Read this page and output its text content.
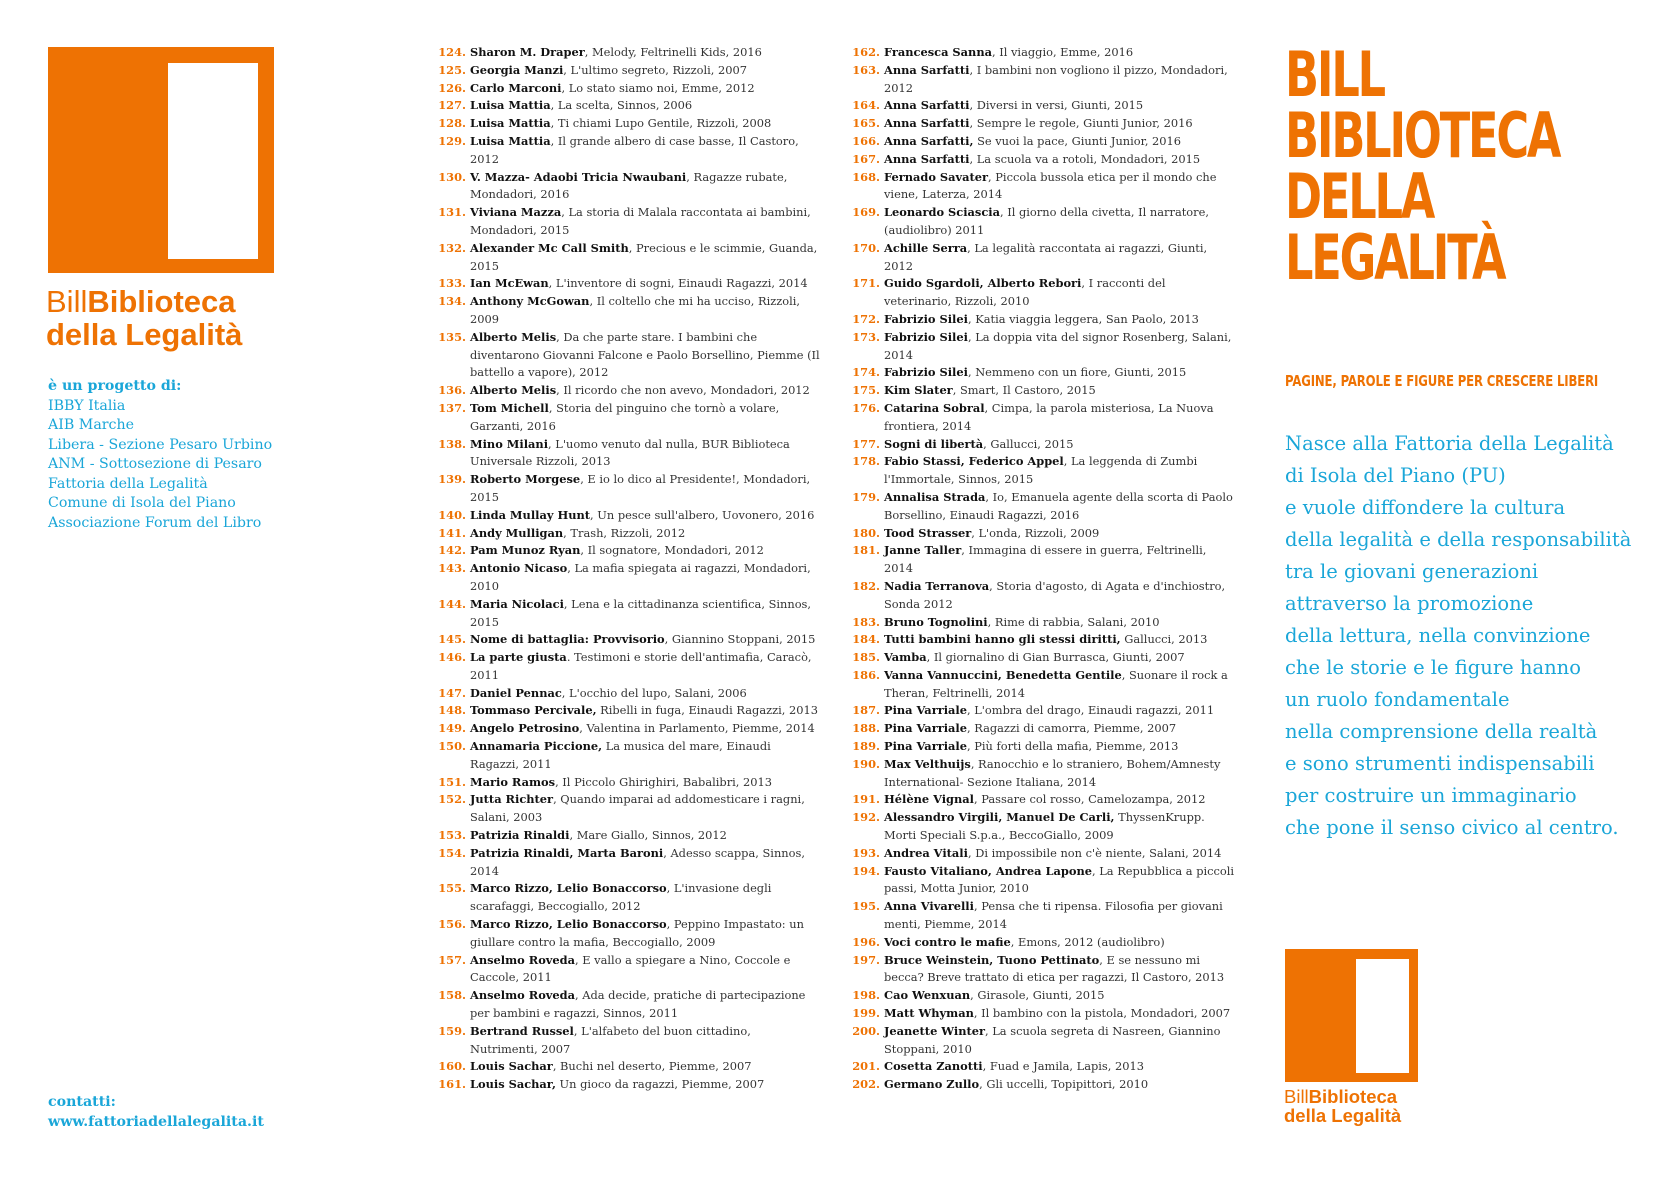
BillBiblioteca
della Legalità
è un progetto di:
IBBY Italia
AIB Marche
Libera - Sezione Pesaro Urbino
ANM - Sottosezione di Pesaro
Fattoria della Legalità
Comune di Isola del Piano
Associazione Forum del Libro
contatti:
www.fattoriadellalegalita.it
124. Sharon M. Draper, Melody, Feltrinelli Kids, 2016
125. Georgia Manzi, L'ultimo segreto, Rizzoli, 2007
126. Carlo Marconi, Lo stato siamo noi, Emme, 2012
127. Luisa Mattia, La scelta, Sinnos, 2006
128. Luisa Mattia, Ti chiami Lupo Gentile, Rizzoli, 2008
129. Luisa Mattia, Il grande albero di case basse, Il Castoro, 2012
130. V. Mazza- Adaobi Tricia Nwaubani, Ragazze rubate, Mondadori, 2016
131. Viviana Mazza, La storia di Malala raccontata ai bambini, Mondadori, 2015
132. Alexander Mc Call Smith, Precious e le scimmie, Guanda, 2015
133. Ian McEwan, L'inventore di sogni, Einaudi Ragazzi, 2014
134. Anthony McGowan, Il coltello che mi ha ucciso, Rizzoli, 2009
135. Alberto Melis, Da che parte stare. I bambini che diventarono Giovanni Falcone e Paolo Borsellino, Piemme (Il battello a vapore), 2012
136. Alberto Melis, Il ricordo che non avevo, Mondadori, 2012
137. Tom Michell, Storia del pinguino che tornò a volare, Garzanti, 2016
138. Mino Milani, L'uomo venuto dal nulla, BUR Biblioteca Universale Rizzoli, 2013
139. Roberto Morgese, E io lo dico al Presidente!, Mondadori, 2015
140. Linda Mullay Hunt, Un pesce sull'albero, Uovonero, 2016
141. Andy Mulligan, Trash, Rizzoli, 2012
142. Pam Munoz Ryan, Il sognatore, Mondadori, 2012
143. Antonio Nicaso, La mafia spiegata ai ragazzi, Mondadori, 2010
144. Maria Nicolaci, Lena e la cittadinanza scientifica, Sinnos, 2015
145. Nome di battaglia: Provvisorio, Giannino Stoppani, 2015
146. La parte giusta. Testimoni e storie dell'antimafia, Caracò, 2011
147. Daniel Pennac, L'occhio del lupo, Salani, 2006
148. Tommaso Percivale, Ribelli in fuga, Einaudi Ragazzi, 2013
149. Angelo Petrosino, Valentina in Parlamento, Piemme, 2014
150. Annamaria Piccione, La musica del mare, Einaudi Ragazzi, 2011
151. Mario Ramos, Il Piccolo Ghirighiri, Babalibri, 2013
152. Jutta Richter, Quando imparai ad addomesticare i ragni, Salani, 2003
153. Patrizia Rinaldi, Mare Giallo, Sinnos, 2012
154. Patrizia Rinaldi, Marta Baroni, Adesso scappa, Sinnos, 2014
155. Marco Rizzo, Lelio Bonaccorso, L'invasione degli scarafaggi, Beccogiallo, 2012
156. Marco Rizzo, Lelio Bonaccorso, Peppino Impastato: un giullare contro la mafia, Beccogiallo, 2009
157. Anselmo Roveda, E vallo a spiegare a Nino, Coccole e Caccole, 2011
158. Anselmo Roveda, Ada decide, pratiche di partecipazione per bambini e ragazzi, Sinnos, 2011
159. Bertrand Russel, L'alfabeto del buon cittadino, Nutrimenti, 2007
160. Louis Sachar, Buchi nel deserto, Piemme, 2007
161. Louis Sachar, Un gioco da ragazzi, Piemme, 2007
162. Francesca Sanna, Il viaggio, Emme, 2016
163. Anna Sarfatti, I bambini non vogliono il pizzo, Mondadori, 2012
164. Anna Sarfatti, Diversi in versi, Giunti, 2015
165. Anna Sarfatti, Sempre le regole, Giunti Junior, 2016
166. Anna Sarfatti, Se vuoi la pace, Giunti Junior, 2016
167. Anna Sarfatti, La scuola va a rotoli, Mondadori, 2015
168. Fernado Savater, Piccola bussola etica per il mondo che viene, Laterza, 2014
169. Leonardo Sciascia, Il giorno della civetta, Il narratore, (audiolibro) 2011
170. Achille Serra, La legalità raccontata ai ragazzi, Giunti, 2012
171. Guido Sgardoli, Alberto Rebori, I racconti del veterinario, Rizzoli, 2010
172. Fabrizio Silei, Katia viaggia leggera, San Paolo, 2013
173. Fabrizio Silei, La doppia vita del signor Rosenberg, Salani, 2014
174. Fabrizio Silei, Nemmeno con un fiore, Giunti, 2015
175. Kim Slater, Smart, Il Castoro, 2015
176. Catarina Sobral, Cimpa, la parola misteriosa, La Nuova frontiera, 2014
177. Sogni di libertà, Gallucci, 2015
178. Fabio Stassi, Federico Appel, La leggenda di Zumbi l'Immortale, Sinnos, 2015
179. Annalisa Strada, Io, Emanuela agente della scorta di Paolo Borsellino, Einaudi Ragazzi, 2016
180. Tood Strasser, L'onda, Rizzoli, 2009
181. Janne Taller, Immagina di essere in guerra, Feltrinelli, 2014
182. Nadia Terranova, Storia d'agosto, di Agata e d'inchiostro, Sonda 2012
183. Bruno Tognolini, Rime di rabbia, Salani, 2010
184. Tutti bambini hanno gli stessi diritti, Gallucci, 2013
185. Vamba, Il giornalino di Gian Burrasca, Giunti, 2007
186. Vanna Vannuccini, Benedetta Gentile, Suonare il rock a Theran, Feltrinelli, 2014
187. Pina Varriale, L'ombra del drago, Einaudi ragazzi, 2011
188. Pina Varriale, Ragazzi di camorra, Piemme, 2007
189. Pina Varriale, Più forti della mafia, Piemme, 2013
190. Max Velthuijs, Ranocchio e lo straniero, Bohem/Amnesty International- Sezione Italiana, 2014
191. Hélène Vignal, Passare col rosso, Camelozampa, 2012
192. Alessandro Virgili, Manuel De Carli, ThyssenKrupp. Morti Speciali S.p.a., BeccoGiallo, 2009
193. Andrea Vitali, Di impossibile non c'è niente, Salani, 2014
194. Fausto Vitaliano, Andrea Lapone, La Repubblica a piccoli passi, Motta Junior, 2010
195. Anna Vivarelli, Pensa che ti ripensa. Filosofia per giovani menti, Piemme, 2014
196. Voci contro le mafie, Emons, 2012 (audiolibro)
197. Bruce Weinstein, Tuono Pettinato, E se nessuno mi becca? Breve trattato di etica per ragazzi, Il Castoro, 2013
198. Cao Wenxuan, Girasole, Giunti, 2015
199. Matt Whyman, Il bambino con la pistola, Mondadori, 2007
200. Jeanette Winter, La scuola segreta di Nasreen, Giannino Stoppani, 2010
201. Cosetta Zanotti, Fuad e Jamila, Lapis, 2013
202. Germano Zullo, Gli uccelli, Topipittori, 2010
BILL
BIBLIOTECA
DELLA
LEGALITÀ
PAGINE, PAROLE E FIGURE PER CRESCERE LIBERI
Nasce alla Fattoria della Legalità
di Isola del Piano (PU)
e vuole diffondere la cultura
della legalità e della responsabilità
tra le giovani generazioni
attraverso la promozione
della lettura, nella convinzione
che le storie e le figure hanno
un ruolo fondamentale
nella comprensione della realtà
e sono strumenti indispensabili
per costruire un immaginario
che pone il senso civico al centro.
BillBiblioteca
della Legalità
